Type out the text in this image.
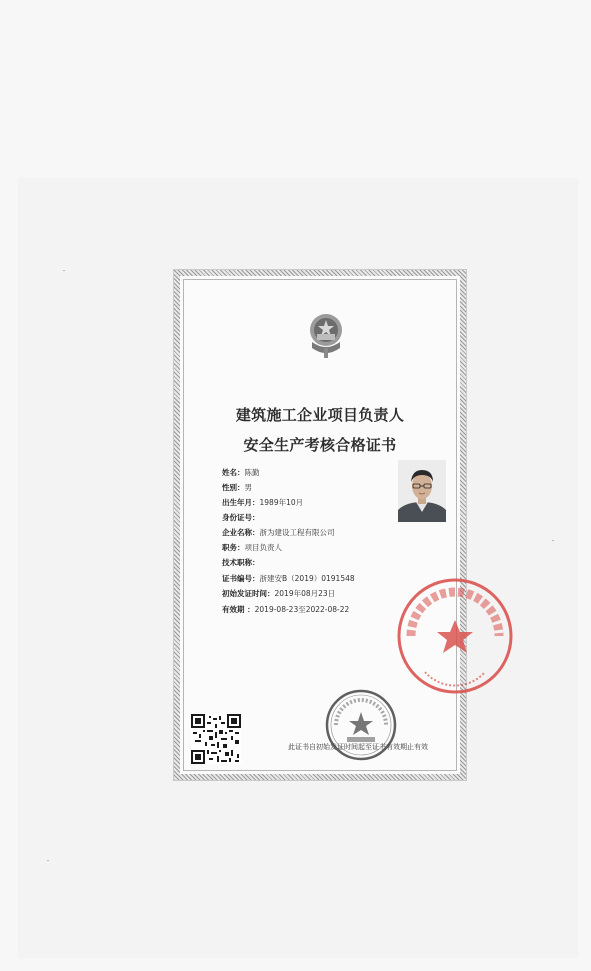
建筑施工企业项目负责人
安全生产考核合格证书
姓名：陈勤
性别：男
出生年月：1989年10月
身份证号：
企业名称：浙为建设工程有限公司
职务：项目负责人
技术职称：
证书编号：浙建安B（2019）0191548
初始发证时间：2019年08月23日
有效期 ：2019-08-23至2022-08-22
此证书自初始发证时间起至证书有效期止有效
